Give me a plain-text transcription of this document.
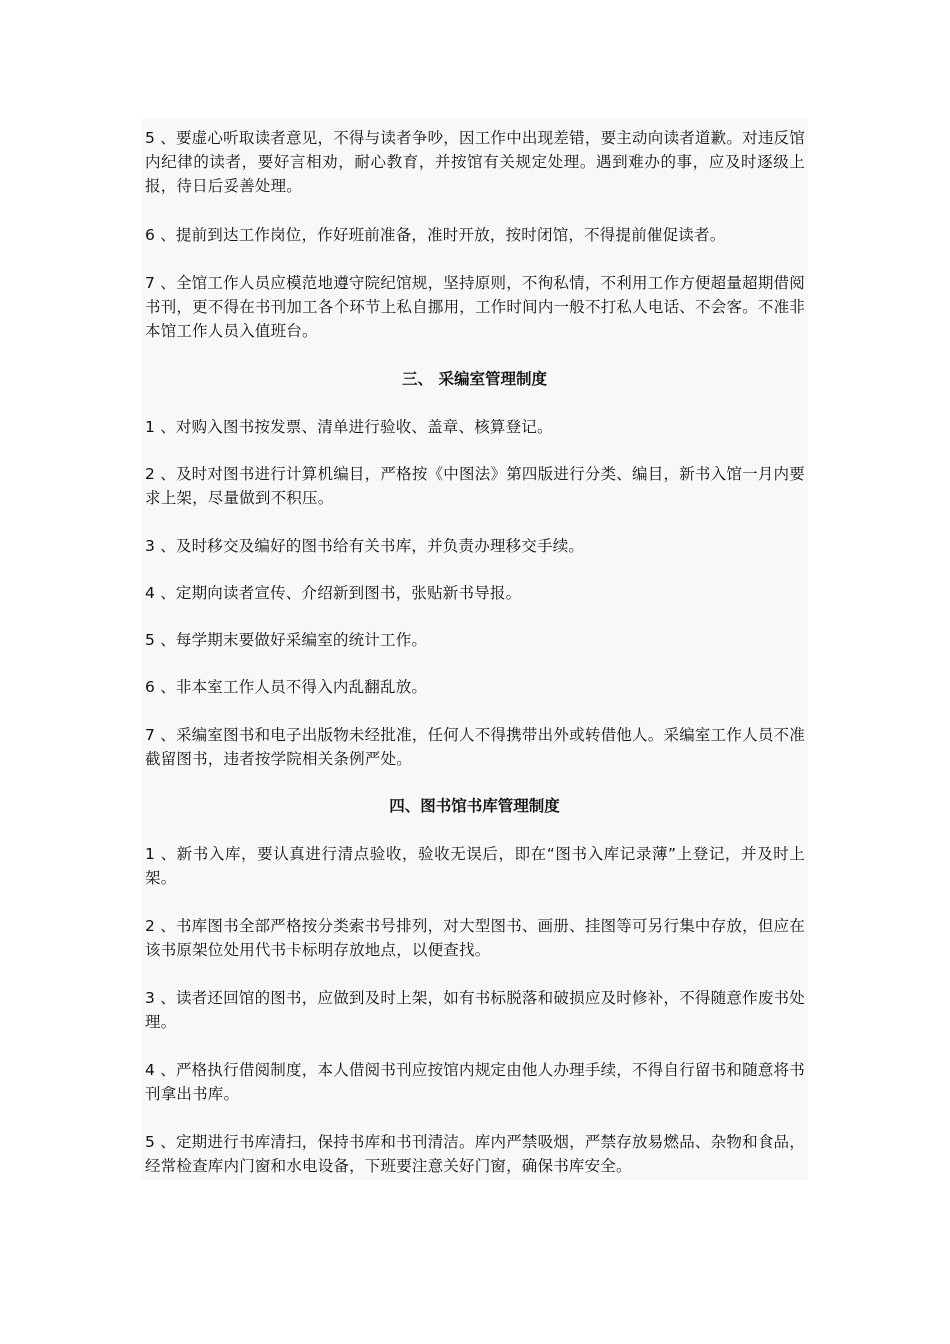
5 、要虚心听取读者意见，不得与读者争吵，因工作中出现差错，要主动向读者道歉。对违反馆内纪律的读者，要好言相劝，耐心教育，并按馆有关规定处理。遇到难办的事，应及时逐级上报，待日后妥善处理。

6 、提前到达工作岗位，作好班前准备，准时开放，按时闭馆，不得提前催促读者。

7 、全馆工作人员应模范地遵守院纪馆规，坚持原则，不徇私情，不利用工作方便超量超期借阅书刊，更不得在书刊加工各个环节上私自挪用，工作时间内一般不打私人电话、不会客。不准非本馆工作人员入值班台。

三、 采编室管理制度

1 、对购入图书按发票、清单进行验收、盖章、核算登记。

2 、及时对图书进行计算机编目，严格按《中图法》第四版进行分类、编目，新书入馆一月内要求上架，尽量做到不积压。

3 、及时移交及编好的图书给有关书库，并负责办理移交手续。

4 、定期向读者宣传、介绍新到图书，张贴新书导报。

5 、每学期末要做好采编室的统计工作。

6 、非本室工作人员不得入内乱翻乱放。

7 、采编室图书和电子出版物未经批准，任何人不得携带出外或转借他人。采编室工作人员不准截留图书，违者按学院相关条例严处。

四、图书馆书库管理制度

1 、新书入库，要认真进行清点验收，验收无误后，即在“图书入库记录薄”上登记，并及时上架。

2 、书库图书全部严格按分类索书号排列，对大型图书、画册、挂图等可另行集中存放，但应在该书原架位处用代书卡标明存放地点，以便查找。

3 、读者还回馆的图书，应做到及时上架，如有书标脱落和破损应及时修补，不得随意作废书处理。

4 、严格执行借阅制度，本人借阅书刊应按馆内规定由他人办理手续，不得自行留书和随意将书刊拿出书库。

5 、定期进行书库清扫，保持书库和书刊清洁。库内严禁吸烟，严禁存放易燃品、杂物和食品，经常检查库内门窗和水电设备，下班要注意关好门窗，确保书库安全。
